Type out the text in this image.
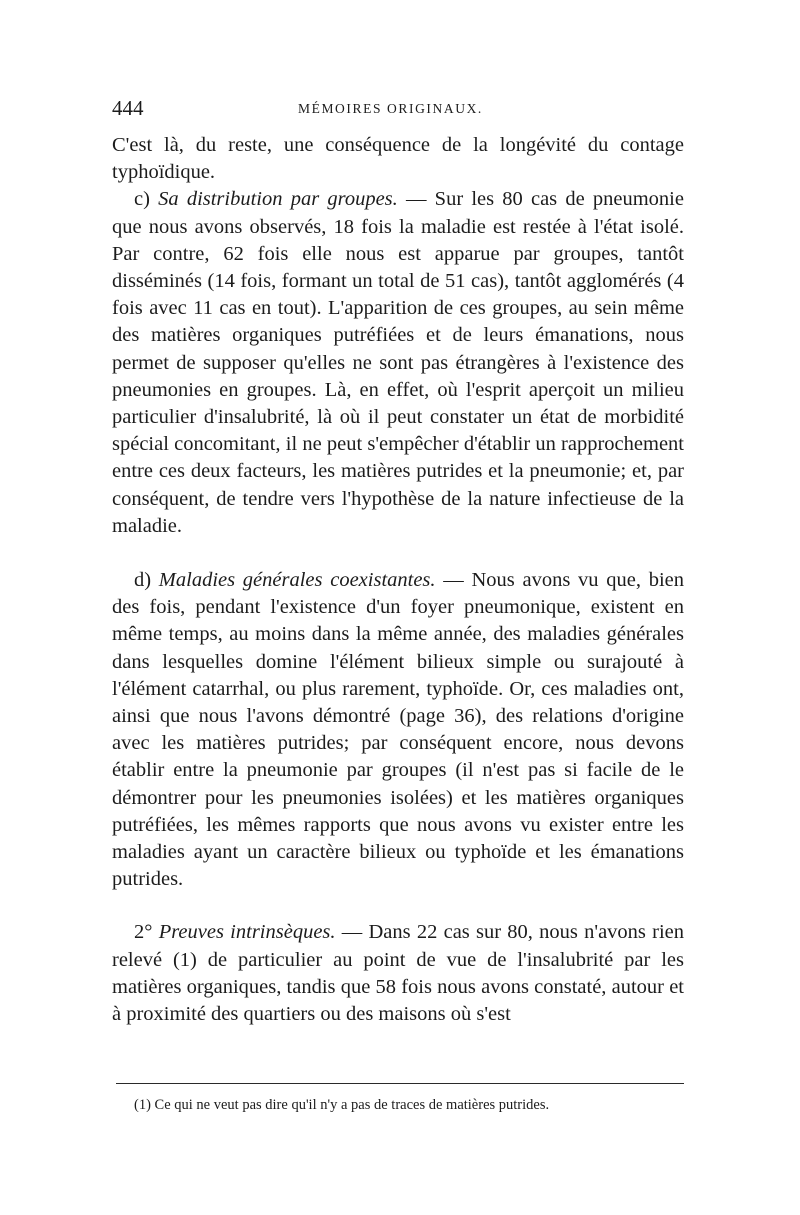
444	MÉMOIRES ORIGINAUX.

C'est là, du reste, une conséquence de la longévité du contage typhoïdique.

c) Sa distribution par groupes. — Sur les 80 cas de pneumonie que nous avons observés, 18 fois la maladie est restée à l'état isolé. Par contre, 62 fois elle nous est apparue par groupes, tantôt disséminés (14 fois, formant un total de 51 cas), tantôt agglomérés (4 fois avec 11 cas en tout). L'apparition de ces groupes, au sein même des matières organiques putréfiées et de leurs émanations, nous permet de supposer qu'elles ne sont pas étrangères à l'existence des pneumonies en groupes. Là, en effet, où l'esprit aperçoit un milieu particulier d'insalubrité, là où il peut constater un état de morbidité spécial concomitant, il ne peut s'empêcher d'établir un rapprochement entre ces deux facteurs, les matières putrides et la pneumonie; et, par conséquent, de tendre vers l'hypothèse de la nature infectieuse de la maladie.

d) Maladies générales coexistantes. — Nous avons vu que, bien des fois, pendant l'existence d'un foyer pneumonique, existent en même temps, au moins dans la même année, des maladies générales dans lesquelles domine l'élément bilieux simple ou surajouté à l'élément catarrhal, ou plus rarement, typhoïde. Or, ces maladies ont, ainsi que nous l'avons démontré (page 36), des relations d'origine avec les matières putrides; par conséquent encore, nous devons établir entre la pneumonie par groupes (il n'est pas si facile de le démontrer pour les pneumonies isolées) et les matières organiques putréfiées, les mêmes rapports que nous avons vu exister entre les maladies ayant un caractère bilieux ou typhoïde et les émanations putrides.

2° Preuves intrinsèques. — Dans 22 cas sur 80, nous n'avons rien relevé (1) de particulier au point de vue de l'insalubrité par les matières organiques, tandis que 58 fois nous avons constaté, autour et à proximité des quartiers ou des maisons où s'est

(1) Ce qui ne veut pas dire qu'il n'y a pas de traces de matières putrides.
